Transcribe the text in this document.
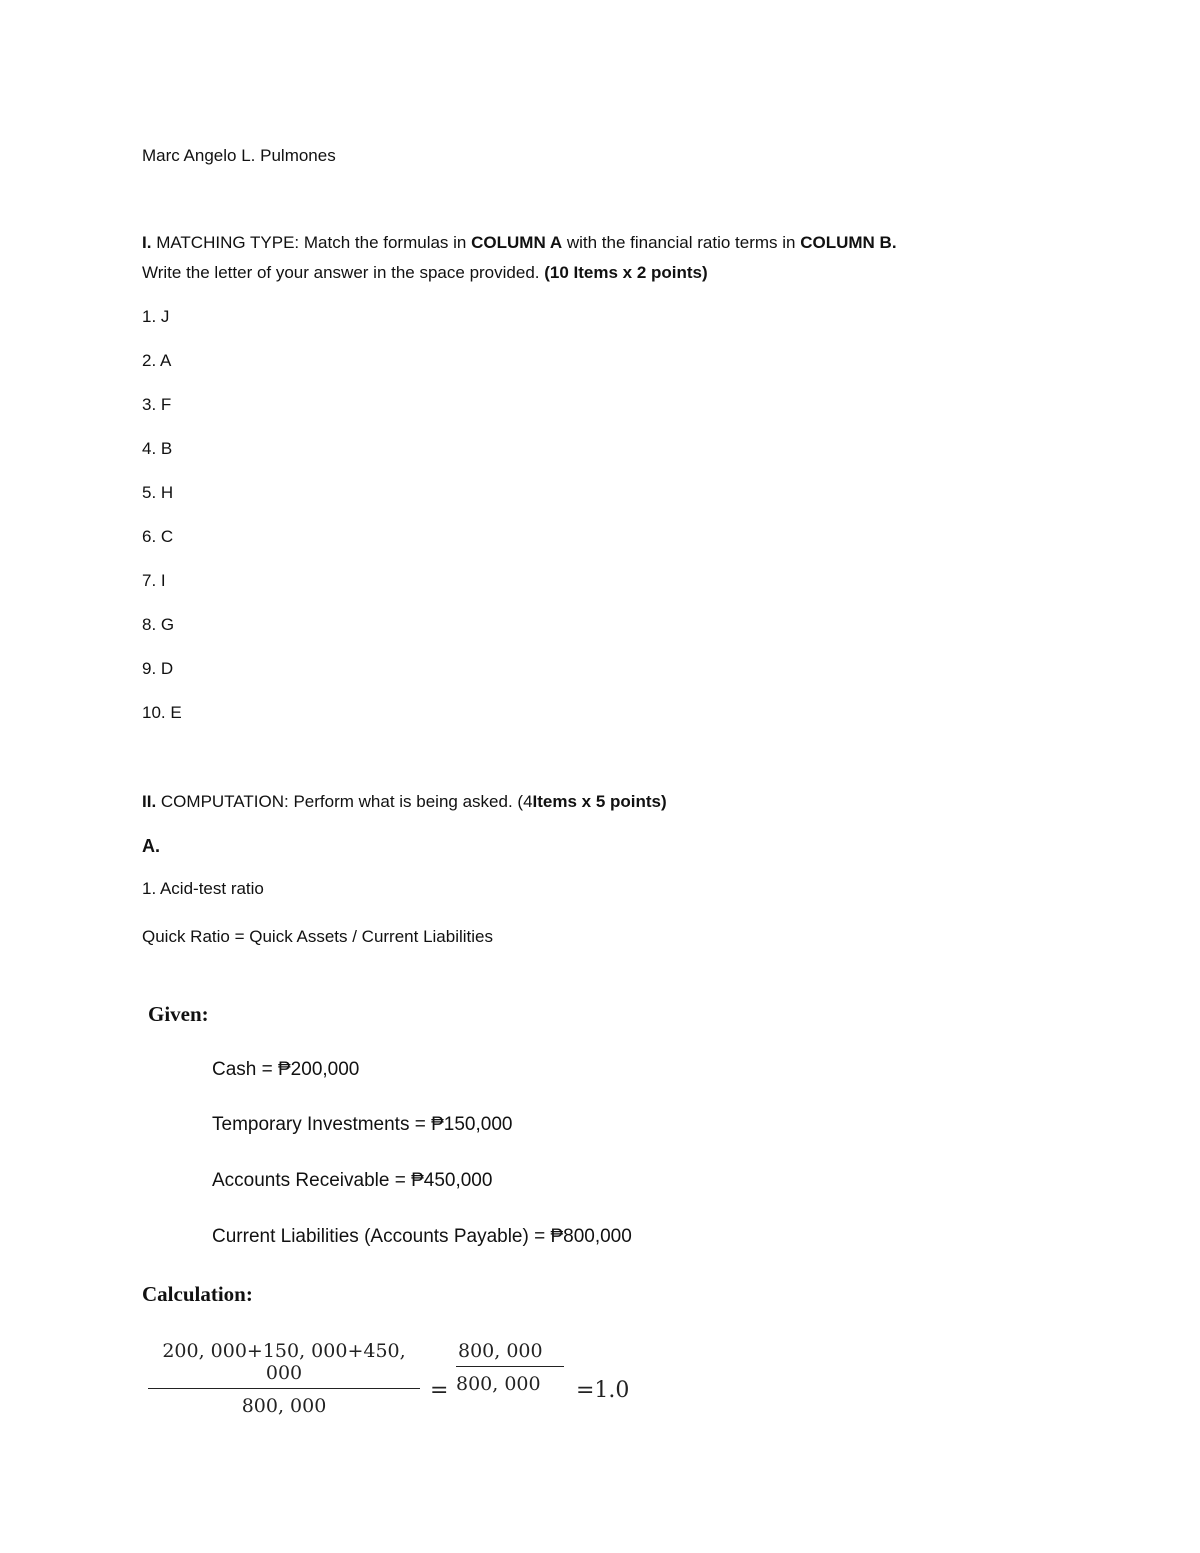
Marc Angelo L. Pulmones
I. MATCHING TYPE: Match the formulas in COLUMN A with the financial ratio terms in COLUMN B.
Write the letter of your answer in the space provided. (10 Items x 2 points)
1. J
2. A
3. F
4. B
5. H
6. C
7. I
8. G
9. D
10. E
II. COMPUTATION: Perform what is being asked. (4Items x 5 points)
A.
1. Acid-test ratio
Quick Ratio = Quick Assets / Current Liabilities
Given:
Cash = ₱200,000
Temporary Investments = ₱150,000
Accounts Receivable = ₱450,000
Current Liabilities (Accounts Payable) = ₱800,000
Calculation:
200, 000+150, 000+450, 000
800, 000
=
800, 000
800, 000	=1.0
